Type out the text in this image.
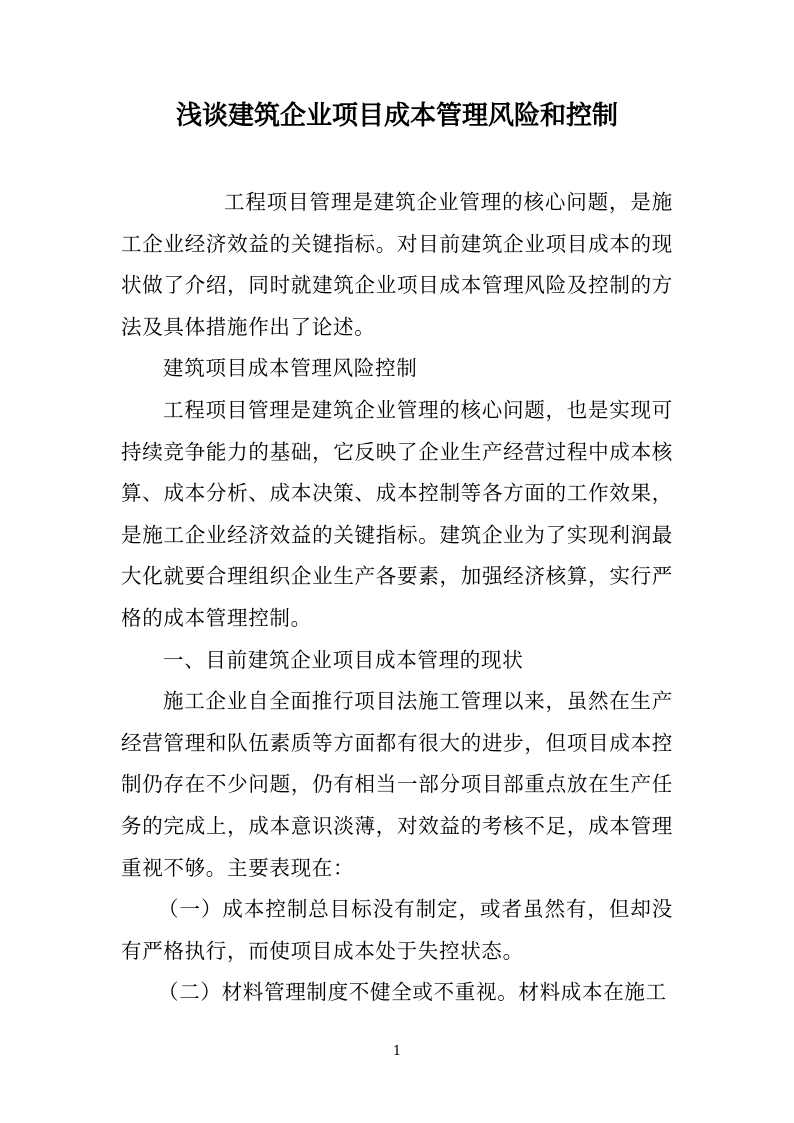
浅谈建筑企业项目成本管理风险和控制

工程项目管理是建筑企业管理的核心问题，是施工企业经济效益的关键指标。对目前建筑企业项目成本的现状做了介绍，同时就建筑企业项目成本管理风险及控制的方法及具体措施作出了论述。

建筑项目成本管理风险控制

工程项目管理是建筑企业管理的核心问题，也是实现可持续竞争能力的基础，它反映了企业生产经营过程中成本核算、成本分析、成本决策、成本控制等各方面的工作效果，是施工企业经济效益的关键指标。建筑企业为了实现利润最大化就要合理组织企业生产各要素，加强经济核算，实行严格的成本管理控制。

一、目前建筑企业项目成本管理的现状

施工企业自全面推行项目法施工管理以来，虽然在生产经营管理和队伍素质等方面都有很大的进步，但项目成本控制仍存在不少问题，仍有相当一部分项目部重点放在生产任务的完成上，成本意识淡薄，对效益的考核不足，成本管理重视不够。主要表现在：

（一）成本控制总目标没有制定，或者虽然有，但却没有严格执行，而使项目成本处于失控状态。

（二）材料管理制度不健全或不重视。材料成本在施工

1
